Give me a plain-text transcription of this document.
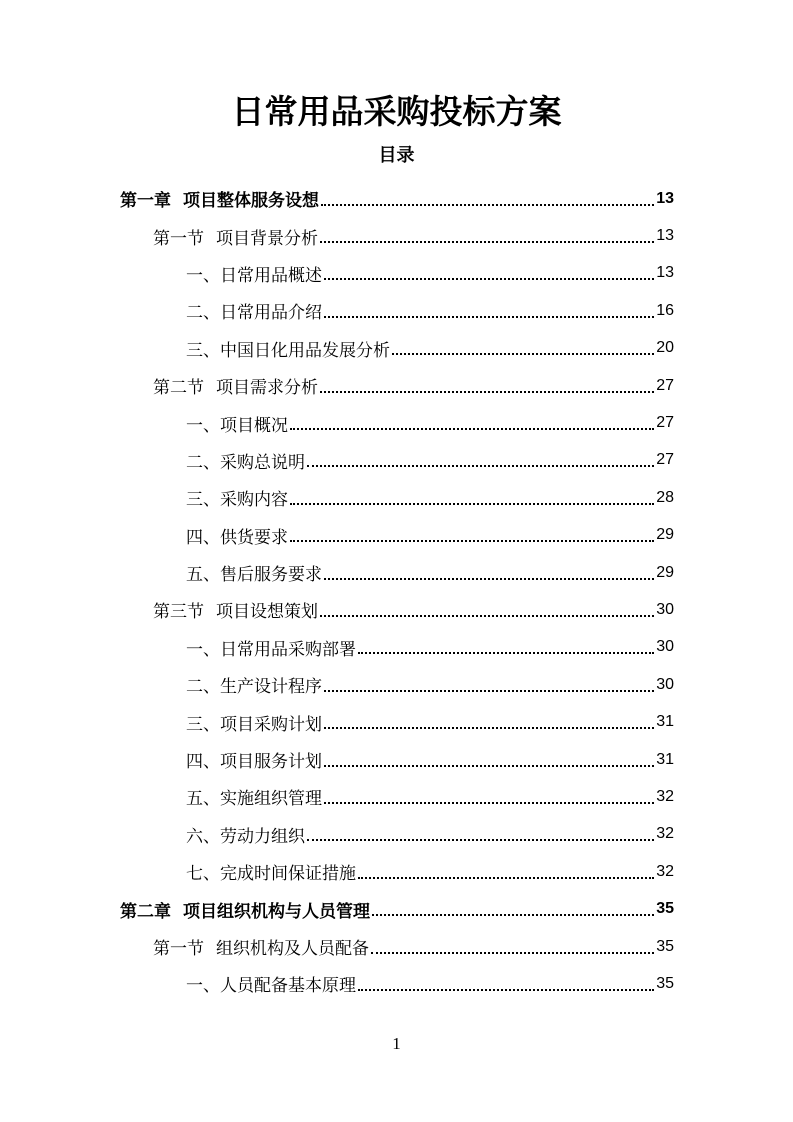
日常用品采购投标方案
目录
第一章 项目整体服务设想	13
第一节 项目背景分析	13
一、日常用品概述	13
二、日常用品介绍	16
三、中国日化用品发展分析	20
第二节 项目需求分析	27
一、项目概况	27
二、采购总说明	27
三、采购内容	28
四、供货要求	29
五、售后服务要求	29
第三节 项目设想策划	30
一、日常用品采购部署	30
二、生产设计程序	30
三、项目采购计划	31
四、项目服务计划	31
五、实施组织管理	32
六、劳动力组织	32
七、完成时间保证措施	32
第二章 项目组织机构与人员管理	35
第一节 组织机构及人员配备	35
一、人员配备基本原理	35
1
